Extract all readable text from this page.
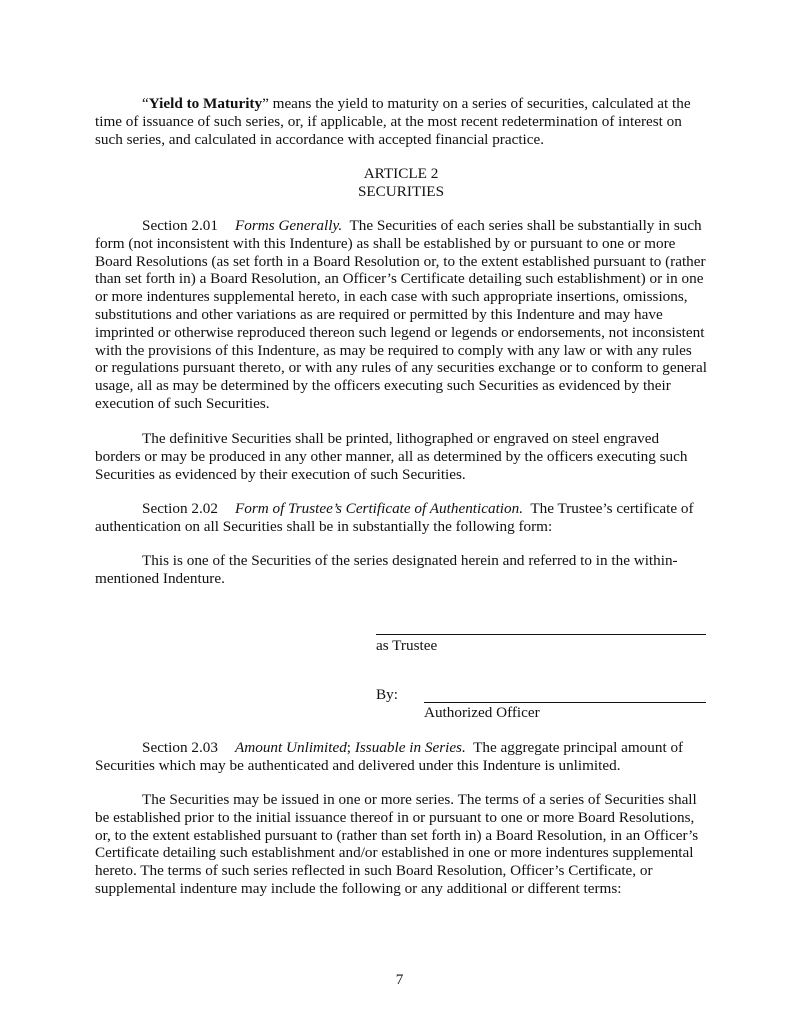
“Yield to Maturity” means the yield to maturity on a series of securities, calculated at the time of issuance of such series, or, if applicable, at the most recent redetermination of interest on such series, and calculated in accordance with accepted financial practice.

ARTICLE 2
SECURITIES

Section 2.01 Forms Generally. The Securities of each series shall be substantially in such form (not inconsistent with this Indenture) as shall be established by or pursuant to one or more Board Resolutions (as set forth in a Board Resolution or, to the extent established pursuant to (rather than set forth in) a Board Resolution, an Officer’s Certificate detailing such establishment) or in one or more indentures supplemental hereto, in each case with such appropriate insertions, omissions, substitutions and other variations as are required or permitted by this Indenture and may have imprinted or otherwise reproduced thereon such legend or legends or endorsements, not inconsistent with the provisions of this Indenture, as may be required to comply with any law or with any rules or regulations pursuant thereto, or with any rules of any securities exchange or to conform to general usage, all as may be determined by the officers executing such Securities as evidenced by their execution of such Securities.

The definitive Securities shall be printed, lithographed or engraved on steel engraved borders or may be produced in any other manner, all as determined by the officers executing such Securities as evidenced by their execution of such Securities.

Section 2.02 Form of Trustee’s Certificate of Authentication. The Trustee’s certificate of authentication on all Securities shall be in substantially the following form:

This is one of the Securities of the series designated herein and referred to in the within-mentioned Indenture.

as Trustee
By:
Authorized Officer

Section 2.03 Amount Unlimited; Issuable in Series. The aggregate principal amount of Securities which may be authenticated and delivered under this Indenture is unlimited.

The Securities may be issued in one or more series. The terms of a series of Securities shall be established prior to the initial issuance thereof in or pursuant to one or more Board Resolutions, or, to the extent established pursuant to (rather than set forth in) a Board Resolution, in an Officer’s Certificate detailing such establishment and/or established in one or more indentures supplemental hereto. The terms of such series reflected in such Board Resolution, Officer’s Certificate, or supplemental indenture may include the following or any additional or different terms:

7
